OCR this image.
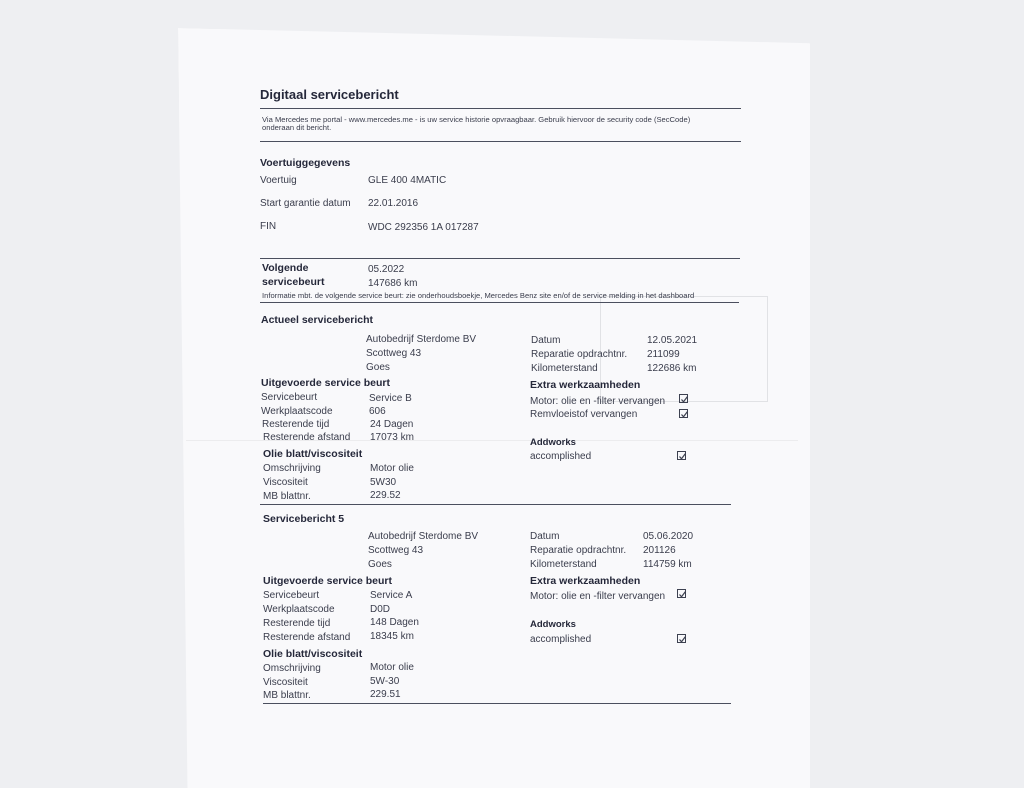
Digitaal servicebericht
Via Mercedes me portal - www.mercedes.me - is uw service historie opvraagbaar. Gebruik hiervoor de security code (SecCode)
onderaan dit bericht.
Voertuiggegevens
Voertuig	GLE 400 4MATIC
Start garantie datum 22.01.2016
FIN	WDC 292356 1A 017287
Volgende
servicebeurt
05.2022
147686 km
Informatie mbt. de volgende service beurt: zie onderhoudsboekje, Mercedes Benz site en/of de service melding in het dashboard
Actueel servicebericht
Autobedrijf Sterdome BV
Scottweg 43
Goes
Datum	12.05.2021
Reparatie opdrachtnr. 211099
Kilometerstand	122686 km
Uitgevoerde service beurt
Servicebeurt	Service B
Werkplaatscode	606
Resterende tijd	24 Dagen
Resterende afstand 17073 km
Olie blatt/viscositeit
Omschrijving	Motor olie
Viscositeit	5W30
MB blattnr.	229.52
Extra werkzaamheden
Motor: olie en -filter vervangen
Remvloeistof vervangen
Addworks
accomplished
Servicebericht 5
Autobedrijf Sterdome BV
Scottweg 43
Goes
Datum	05.06.2020
Reparatie opdrachtnr. 201126
Kilometerstand	114759 km
Uitgevoerde service beurt
Servicebeurt	Service A
Werkplaatscode	D0D
Resterende tijd	148 Dagen
Resterende afstand 18345 km
Olie blatt/viscositeit
Omschrijving	Motor olie
Viscositeit	5W-30
MB blattnr.	229.51
Extra werkzaamheden
Motor: olie en -filter vervangen
Addworks
accomplished
